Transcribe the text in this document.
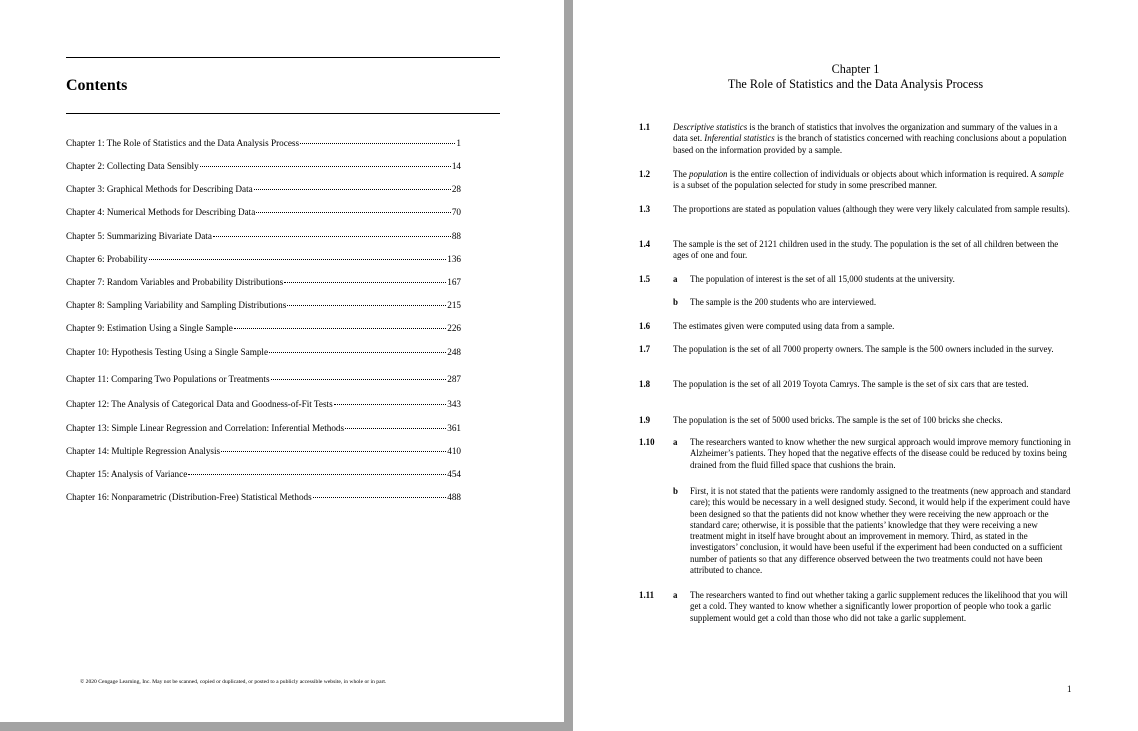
Contents
Chapter 1: The Role of Statistics and the Data Analysis Process	1
Chapter 2: Collecting Data Sensibly	14
Chapter 3: Graphical Methods for Describing Data	28
Chapter 4: Numerical Methods for Describing Data	70
Chapter 5: Summarizing Bivariate Data	88
Chapter 6: Probability	136
Chapter 7: Random Variables and Probability Distributions	167
Chapter 8: Sampling Variability and Sampling Distributions	215
Chapter 9: Estimation Using a Single Sample	226
Chapter 10: Hypothesis Testing Using a Single Sample	248
Chapter 11: Comparing Two Populations or Treatments	287
Chapter 12: The Analysis of Categorical Data and Goodness-of-Fit Tests	343
Chapter 13: Simple Linear Regression and Correlation: Inferential Methods	361
Chapter 14: Multiple Regression Analysis	410
Chapter 15: Analysis of Variance	454
Chapter 16: Nonparametric (Distribution-Free) Statistical Methods	488
© 2020 Cengage Learning, Inc. May not be scanned, copied or duplicated, or posted to a publicly accessible website, in whole or in part.
Chapter 1
The Role of Statistics and the Data Analysis Process
1.1	Descriptive statistics is the branch of statistics that involves the organization and summary of the values in a data set. Inferential statistics is the branch of statistics concerned with reaching conclusions about a population based on the information provided by a sample.
1.2	The population is the entire collection of individuals or objects about which information is required. A sample is a subset of the population selected for study in some prescribed manner.
1.3	The proportions are stated as population values (although they were very likely calculated from sample results).
1.4	The sample is the set of 2121 children used in the study. The population is the set of all children between the ages of one and four.
1.5	a The population of interest is the set of all 15,000 students at the university.
b The sample is the 200 students who are interviewed.
1.6	The estimates given were computed using data from a sample.
1.7	The population is the set of all 7000 property owners. The sample is the 500 owners included in the survey.
1.8	The population is the set of all 2019 Toyota Camrys. The sample is the set of six cars that are tested.
1.9	The population is the set of 5000 used bricks. The sample is the set of 100 bricks she checks.
1.10 a The researchers wanted to know whether the new surgical approach would improve memory functioning in Alzheimer’s patients. They hoped that the negative effects of the disease could be reduced by toxins being drained from the fluid filled space that cushions the brain.
b First, it is not stated that the patients were randomly assigned to the treatments (new approach and standard care); this would be necessary in a well designed study. Second, it would help if the experiment could have been designed so that the patients did not know whether they were receiving the new approach or the standard care; otherwise, it is possible that the patients’ knowledge that they were receiving a new treatment might in itself have brought about an improvement in memory. Third, as stated in the investigators’ conclusion, it would have been useful if the experiment had been conducted on a sufficient number of patients so that any difference observed between the two treatments could not have been attributed to chance.
1.11 a The researchers wanted to find out whether taking a garlic supplement reduces the likelihood that you will get a cold. They wanted to know whether a significantly lower proportion of people who took a garlic supplement would get a cold than those who did not take a garlic supplement.
1
